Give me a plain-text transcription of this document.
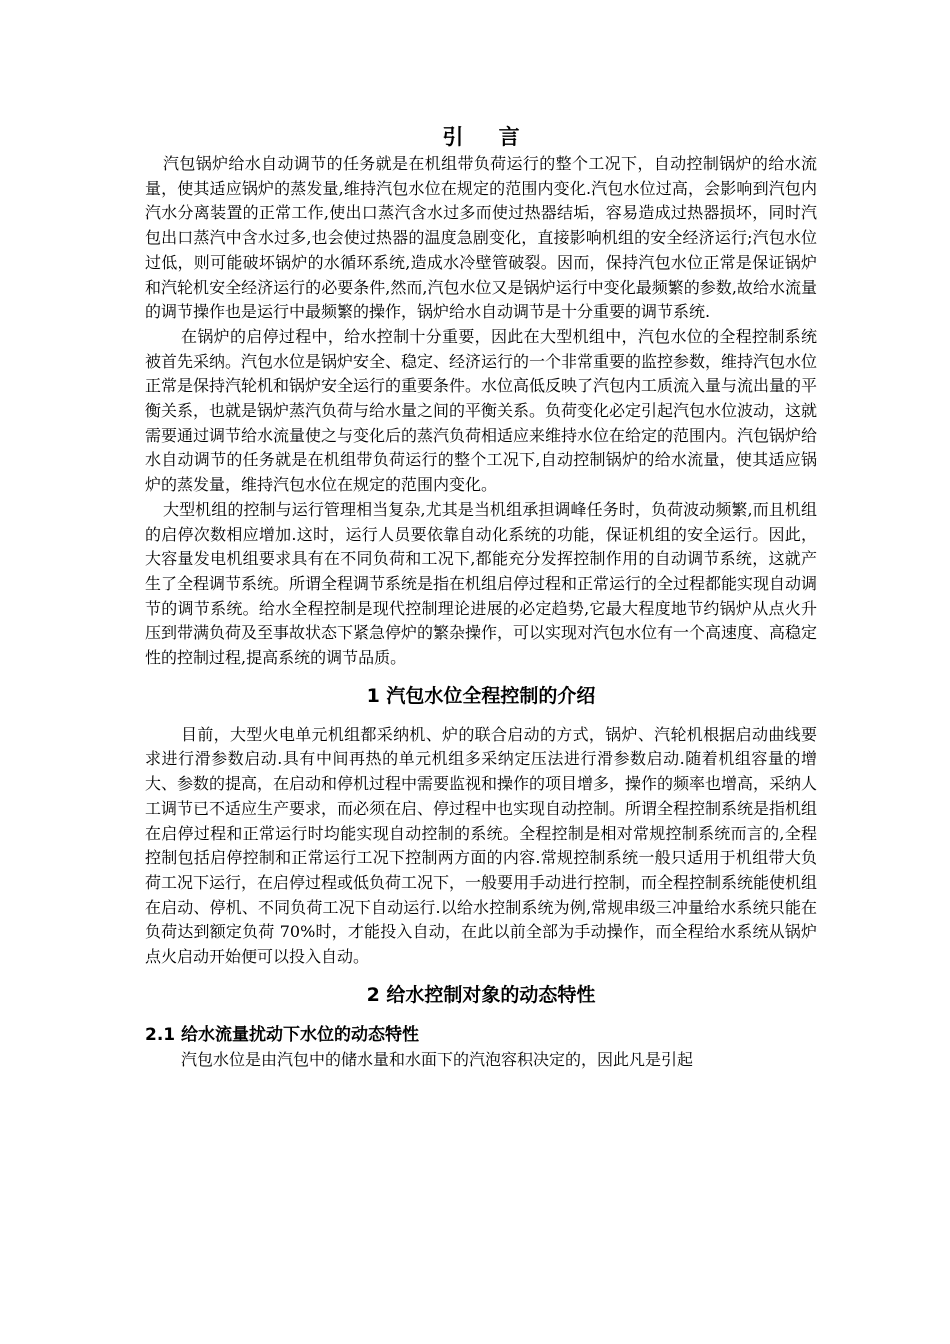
引 言

汽包锅炉给水自动调节的任务就是在机组带负荷运行的整个工况下，自动控制锅炉的给水流量，使其适应锅炉的蒸发量,维持汽包水位在规定的范围内变化.汽包水位过高，会影响到汽包内汽水分离装置的正常工作,使出口蒸汽含水过多而使过热器结垢，容易造成过热器损坏，同时汽包出口蒸汽中含水过多,也会使过热器的温度急剧变化，直接影响机组的安全经济运行;汽包水位过低，则可能破坏锅炉的水循环系统,造成水冷壁管破裂。因而，保持汽包水位正常是保证锅炉和汽轮机安全经济运行的必要条件,然而,汽包水位又是锅炉运行中变化最频繁的参数,故给水流量的调节操作也是运行中最频繁的操作，锅炉给水自动调节是十分重要的调节系统.

在锅炉的启停过程中，给水控制十分重要，因此在大型机组中，汽包水位的全程控制系统被首先采纳。汽包水位是锅炉安全、稳定、经济运行的一个非常重要的监控参数，维持汽包水位正常是保持汽轮机和锅炉安全运行的重要条件。水位高低反映了汽包内工质流入量与流出量的平衡关系，也就是锅炉蒸汽负荷与给水量之间的平衡关系。负荷变化必定引起汽包水位波动，这就需要通过调节给水流量使之与变化后的蒸汽负荷相适应来维持水位在给定的范围内。汽包锅炉给水自动调节的任务就是在机组带负荷运行的整个工况下,自动控制锅炉的给水流量，使其适应锅炉的蒸发量，维持汽包水位在规定的范围内变化。

大型机组的控制与运行管理相当复杂,尤其是当机组承担调峰任务时，负荷波动频繁,而且机组的启停次数相应增加.这时，运行人员要依靠自动化系统的功能，保证机组的安全运行。因此，大容量发电机组要求具有在不同负荷和工况下,都能充分发挥控制作用的自动调节系统，这就产生了全程调节系统。所谓全程调节系统是指在机组启停过程和正常运行的全过程都能实现自动调节的调节系统。给水全程控制是现代控制理论进展的必定趋势,它最大程度地节约锅炉从点火升压到带满负荷及至事故状态下紧急停炉的繁杂操作，可以实现对汽包水位有一个高速度、高稳定性的控制过程,提高系统的调节品质。

1 汽包水位全程控制的介绍

目前，大型火电单元机组都采纳机、炉的联合启动的方式，锅炉、汽轮机根据启动曲线要求进行滑参数启动.具有中间再热的单元机组多采纳定压法进行滑参数启动.随着机组容量的增大、参数的提高，在启动和停机过程中需要监视和操作的项目增多，操作的频率也增高，采纳人工调节已不适应生产要求，而必须在启、停过程中也实现自动控制。所谓全程控制系统是指机组在启停过程和正常运行时均能实现自动控制的系统。全程控制是相对常规控制系统而言的,全程控制包括启停控制和正常运行工况下控制两方面的内容.常规控制系统一般只适用于机组带大负荷工况下运行，在启停过程或低负荷工况下，一般要用手动进行控制，而全程控制系统能使机组在启动、停机、不同负荷工况下自动运行.以给水控制系统为例,常规串级三冲量给水系统只能在负荷达到额定负荷 70%时，才能投入自动，在此以前全部为手动操作，而全程给水系统从锅炉点火启动开始便可以投入自动。

2 给水控制对象的动态特性
2.1 给水流量扰动下水位的动态特性

汽包水位是由汽包中的储水量和水面下的汽泡容积决定的，因此凡是引起
